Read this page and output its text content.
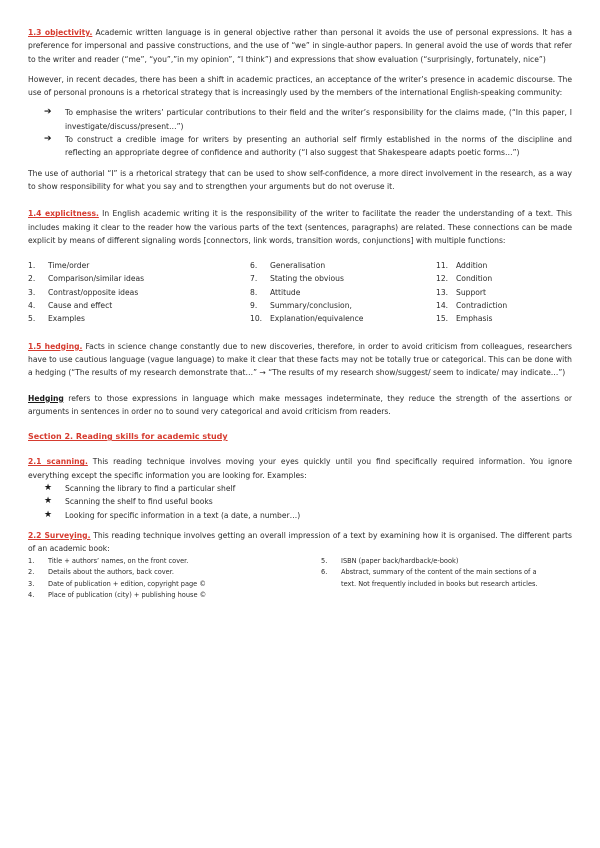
1.3 objectivity. Academic written language is in general objective rather than personal it avoids the use of personal expressions. It has a preference for impersonal and passive constructions, and the use of “we” in single-author papers. In general avoid the use of words that refer to the writer and reader (“me”, “you”,”in my opinion”, “I think”) and expressions that show evaluation (“surprisingly, fortunately, nice”)

However, in recent decades, there has been a shift in academic practices, an acceptance of the writer’s presence in academic discourse. The use of personal pronouns is a rhetorical strategy that is increasingly used by the members of the international English-speaking community:

➔ To emphasise the writers’ particular contributions to their field and the writer’s responsibility for the claims made, (“In this paper, I investigate/discuss/present…”)
➔ To construct a credible image for writers by presenting an authorial self firmly established in the norms of the discipline and reflecting an appropriate degree of confidence and authority (“I also suggest that Shakespeare adapts poetic forms…”)

The use of authorial “I” is a rhetorical strategy that can be used to show self-confidence, a more direct involvement in the research, as a way to show responsibility for what you say and to strengthen your arguments but do not overuse it.

1.4 explicitness. In English academic writing it is the responsibility of the writer to facilitate the reader the understanding of a text. This includes making it clear to the reader how the various parts of the text (sentences, paragraphs) are related. These connections can be made explicit by means of different signaling words [connectors, link words, transition words, conjunctions] with multiple functions:

1.	Time/order
2.	Comparison/similar ideas
3.	Contrast/opposite ideas
4.	Cause and effect
5.	Examples
6.	Generalisation
7.	Stating the obvious
8.	Attitude
9.	Summary/conclusion,
10.	Explanation/equivalence
11.	Addition
12.	Condition
13.	Support
14.	Contradiction
15.	Emphasis

1.5 hedging. Facts in science change constantly due to new discoveries, therefore, in order to avoid criticism from colleagues, researchers have to use cautious language (vague language) to make it clear that these facts may not be totally true or categorical. This can be done with a hedging (“The results of my research demonstrate that…” → “The results of my research show/suggest/ seem to indicate/ may indicate…”)

Hedging refers to those expressions in language which make messages indeterminate, they reduce the strength of the assertions or arguments in sentences in order no to sound very categorical and avoid criticism from readers.

Section 2. Reading skills for academic study

2.1 scanning. This reading technique involves moving your eyes quickly until you find specifically required information. You ignore everything except the specific information you are looking for. Examples:

★ Scanning the library to find a particular shelf
★ Scanning the shelf to find useful books
★ Looking for specific information in a text (a date, a number…)

2.2 Surveying. This reading technique involves getting an overall impression of a text by examining how it is organised. The different parts of an academic book:

1.	Title + authors’ names, on the front cover.
2.	Details about the authors, back cover.
3.	Date of publication + edition, copyright page ©
4.	Place of publication (city) + publishing house ©
5.	ISBN (paper back/hardback/e-book)
6.	Abstract, summary of the content of the main sections of a text. Not frequently included in books but research articles.
